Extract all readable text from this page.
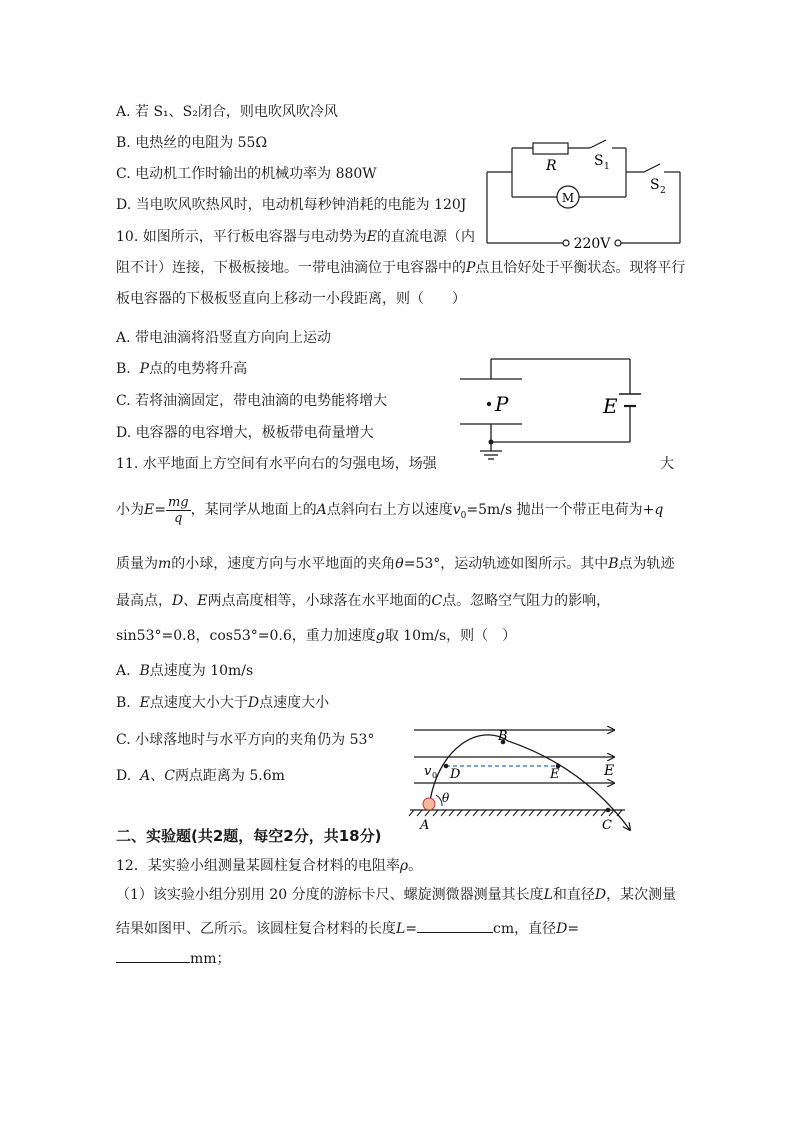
A. 若 S₁、S₂闭合，则电吹风吹冷风
B. 电热丝的电阻为 55Ω
C. 电动机工作时输出的机械功率为 880W
D. 当电吹风吹热风时，电动机每秒钟消耗的电能为 120J
R
M
S 1
S 2
220V
10. 如图所示，平行板电容器与电动势为E的直流电源（内
阻不计）连接，下极板接地。一带电油滴位于电容器中的P点且恰好处于平衡状态。现将平行
板电容器的下极板竖直向上移动一小段距离，则（　　）
A. 带电油滴将沿竖直方向向上运动
B. P点的电势将升高
C. 若将油滴固定，带电油滴的电势能将增大
D. 电容器的电容增大，极板带电荷量增大
P	E
11. 水平地面上方空间有水平向右的匀强电场，场强	大
小为$E= \frac{mg}{q}$ ，某同学从地面上的A点斜向右上方以速度$v_0=5m/s$ 抛出一个带正电荷为+q
质量为m的小球，速度方向与水平地面的夹角θ=53°，运动轨迹如图所示。其中B点为轨迹
最高点，D、E两点高度相等，小球落在水平地面的C点。忽略空气阻力的影响，
sin53°=0.8，cos53°=0.6，重力加速度g取 10m/s，则（　）
A. B点速度为 10m/s
B. E点速度大小大于D点速度大小
C. 小球落地时与水平方向的夹角仍为 53°
D. A、C两点距离为 5.6m
B
D	E	E
v 0
θ
A	C
二、实验题(共2题，每空2分，共18分)
12．某实验小组测量某圆柱复合材料的电阻率ρ。
（1）该实验小组分别用 20 分度的游标卡尺、螺旋测微器测量其长度L和直径D，某次测量
结果如图甲、乙所示。该圆柱复合材料的长度L=	cm，直径D=
mm；
